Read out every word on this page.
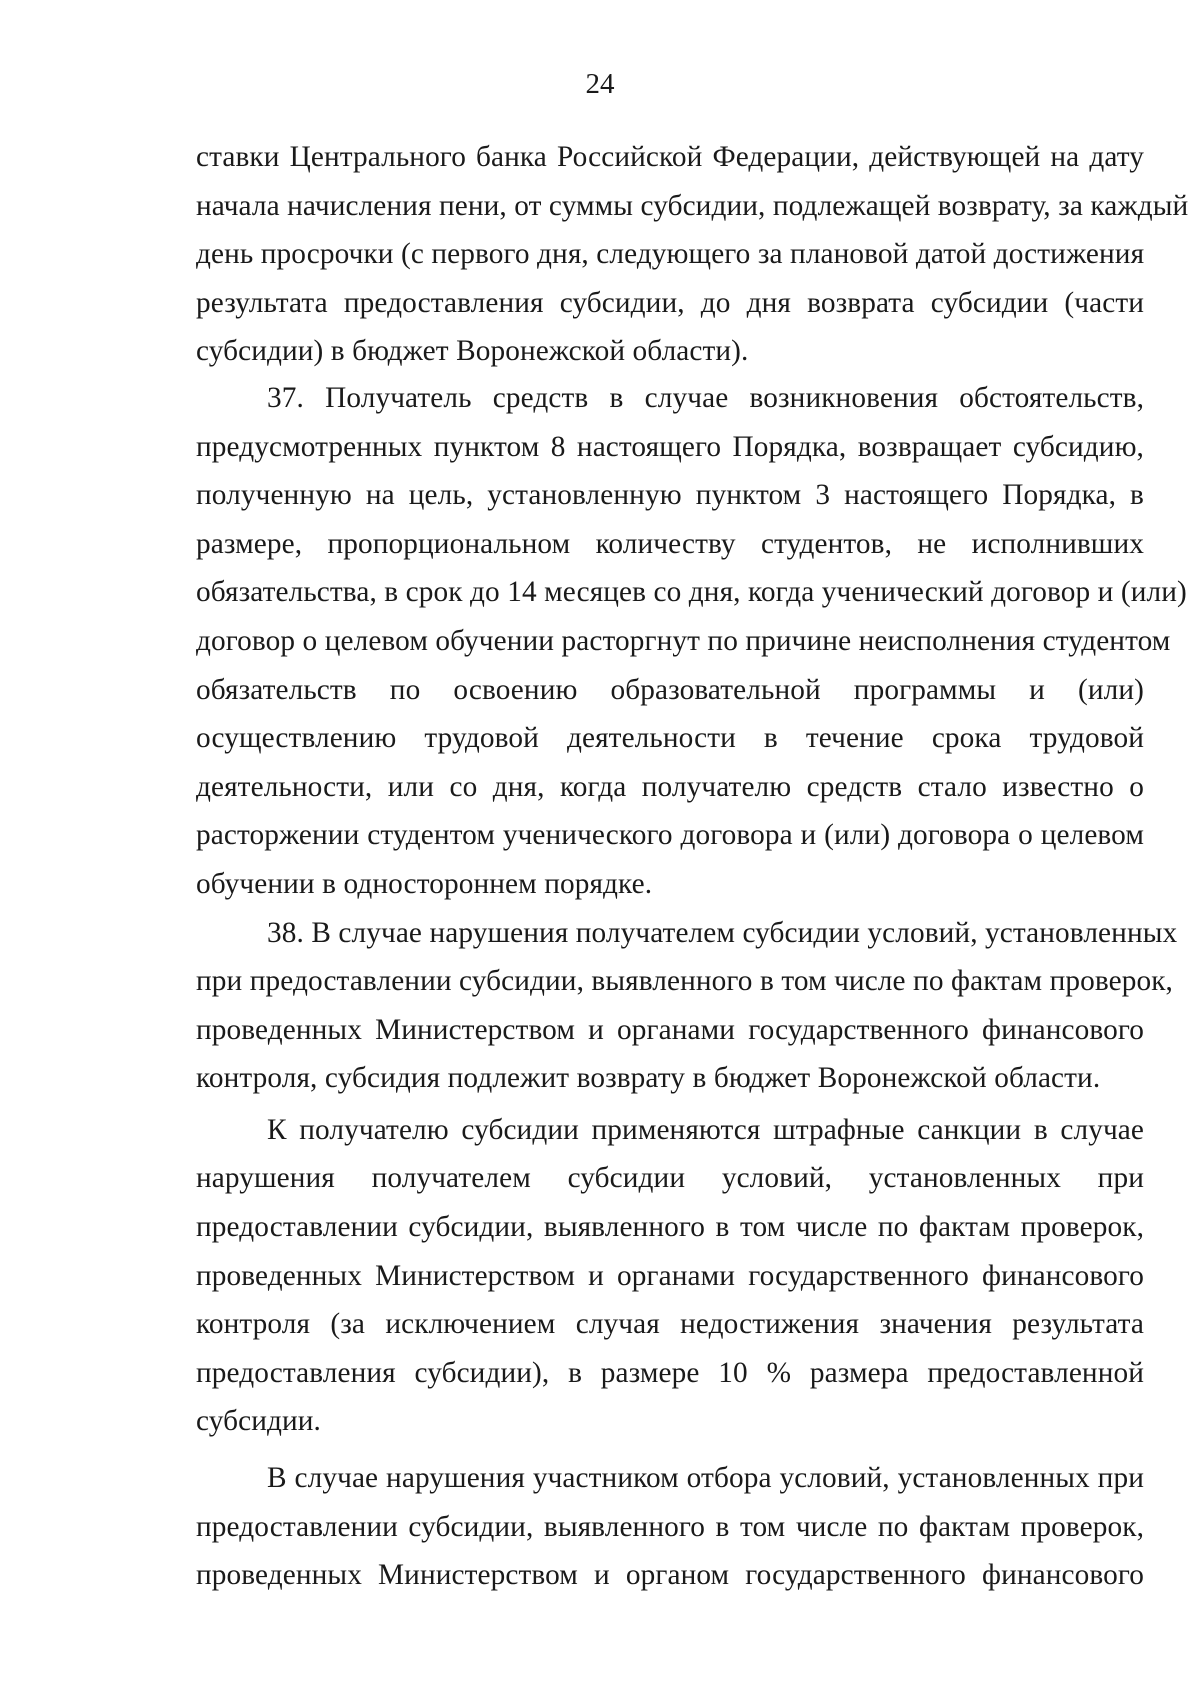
24
ставки Центрального банка Российской Федерации, действующей на дату
начала начисления пени, от суммы субсидии, подлежащей возврату, за каждый
день просрочки (с первого дня, следующего за плановой датой достижения
результата предоставления субсидии, до дня возврата субсидии (части
субсидии) в бюджет Воронежской области).
37. Получатель средств в случае возникновения обстоятельств,
предусмотренных пунктом 8 настоящего Порядка, возвращает субсидию,
полученную на цель, установленную пунктом 3 настоящего Порядка, в
размере, пропорциональном количеству студентов, не исполнивших
обязательства, в срок до 14 месяцев со дня, когда ученический договор и (или)
договор о целевом обучении расторгнут по причине неисполнения студентом
обязательств по освоению образовательной программы и (или)
осуществлению трудовой деятельности в течение срока трудовой
деятельности, или со дня, когда получателю средств стало известно о
расторжении студентом ученического договора и (или) договора о целевом
обучении в одностороннем порядке.
38. В случае нарушения получателем субсидии условий, установленных
при предоставлении субсидии, выявленного в том числе по фактам проверок,
проведенных Министерством и органами государственного финансового
контроля, субсидия подлежит возврату в бюджет Воронежской области.
К получателю субсидии применяются штрафные санкции в случае
нарушения получателем субсидии условий, установленных при
предоставлении субсидии, выявленного в том числе по фактам проверок,
проведенных Министерством и органами государственного финансового
контроля (за исключением случая недостижения значения результата
предоставления субсидии), в размере 10 % размера предоставленной
субсидии.
В случае нарушения участником отбора условий, установленных при
предоставлении субсидии, выявленного в том числе по фактам проверок,
проведенных Министерством и органом государственного финансового
